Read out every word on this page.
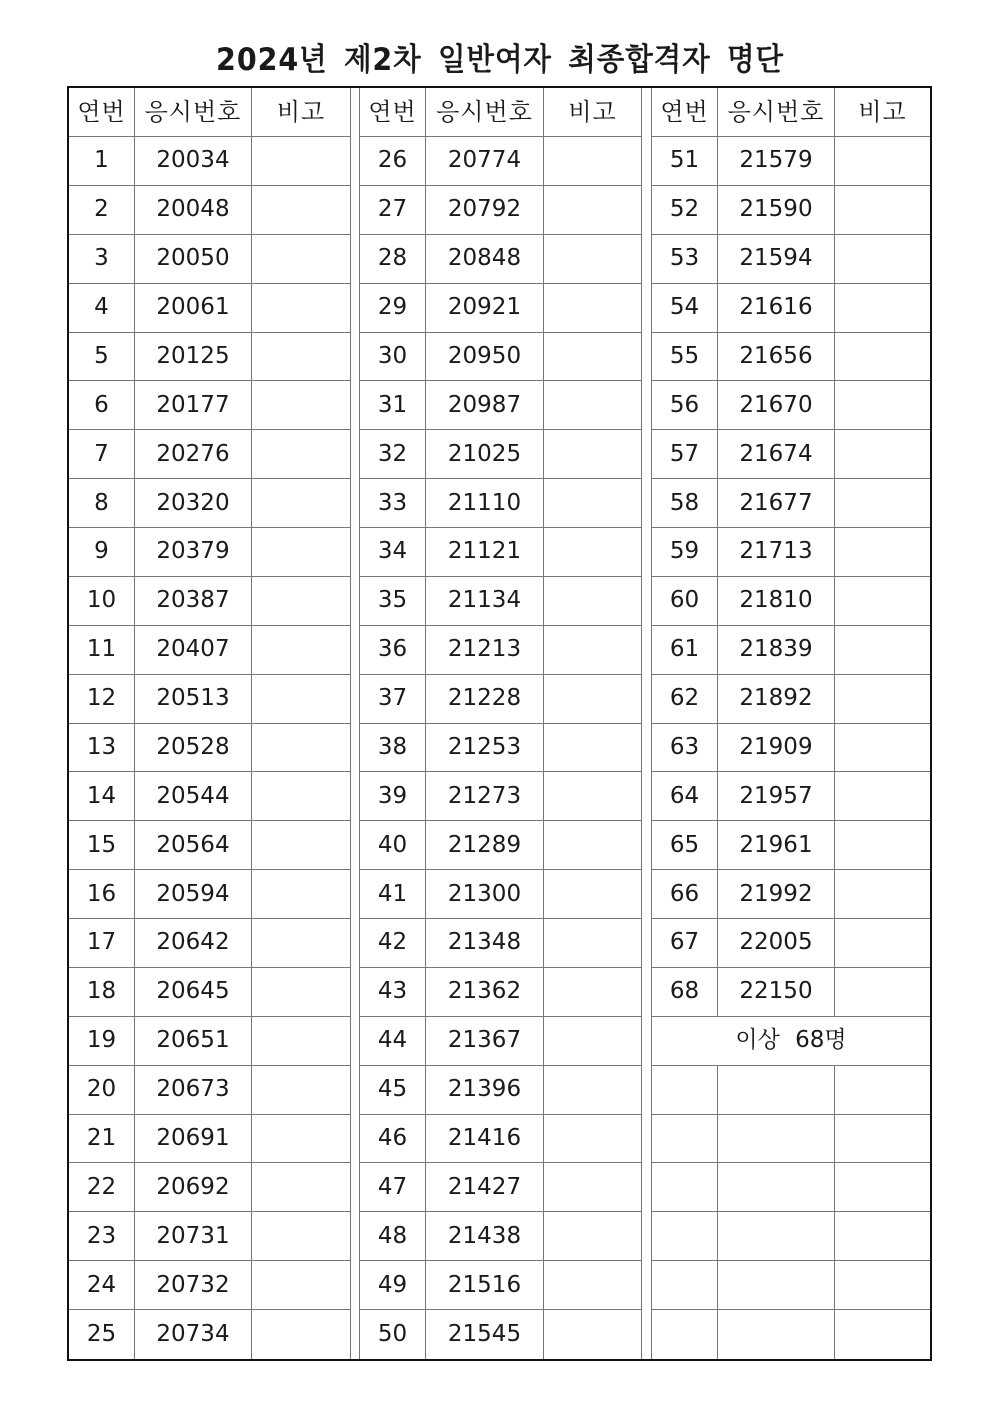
2024년 제2차 일반여자 최종합격자 명단
연번 응시번호	비고	연번 응시번호	비고	연번 응시번호	비고
1	20034	26	20774	51	21579
2	20048	27	20792	52	21590
3	20050	28	20848	53	21594
4	20061	29	20921	54	21616
5	20125	30	20950	55	21656
6	20177	31	20987	56	21670
7	20276	32	21025	57	21674
8	20320	33	21110	58	21677
9	20379	34	21121	59	21713
10	20387	35	21134	60	21810
11	20407	36	21213	61	21839
12	20513	37	21228	62	21892
13	20528	38	21253	63	21909
14	20544	39	21273	64	21957
15	20564	40	21289	65	21961
16	20594	41	21300	66	21992
17	20642	42	21348	67	22005
18	20645	43	21362	68	22150
19	20651	44	21367	이상 68명
20	20673	45	21396
21	20691	46	21416
22	20692	47	21427
23	20731	48	21438
24	20732	49	21516
25	20734	50	21545
